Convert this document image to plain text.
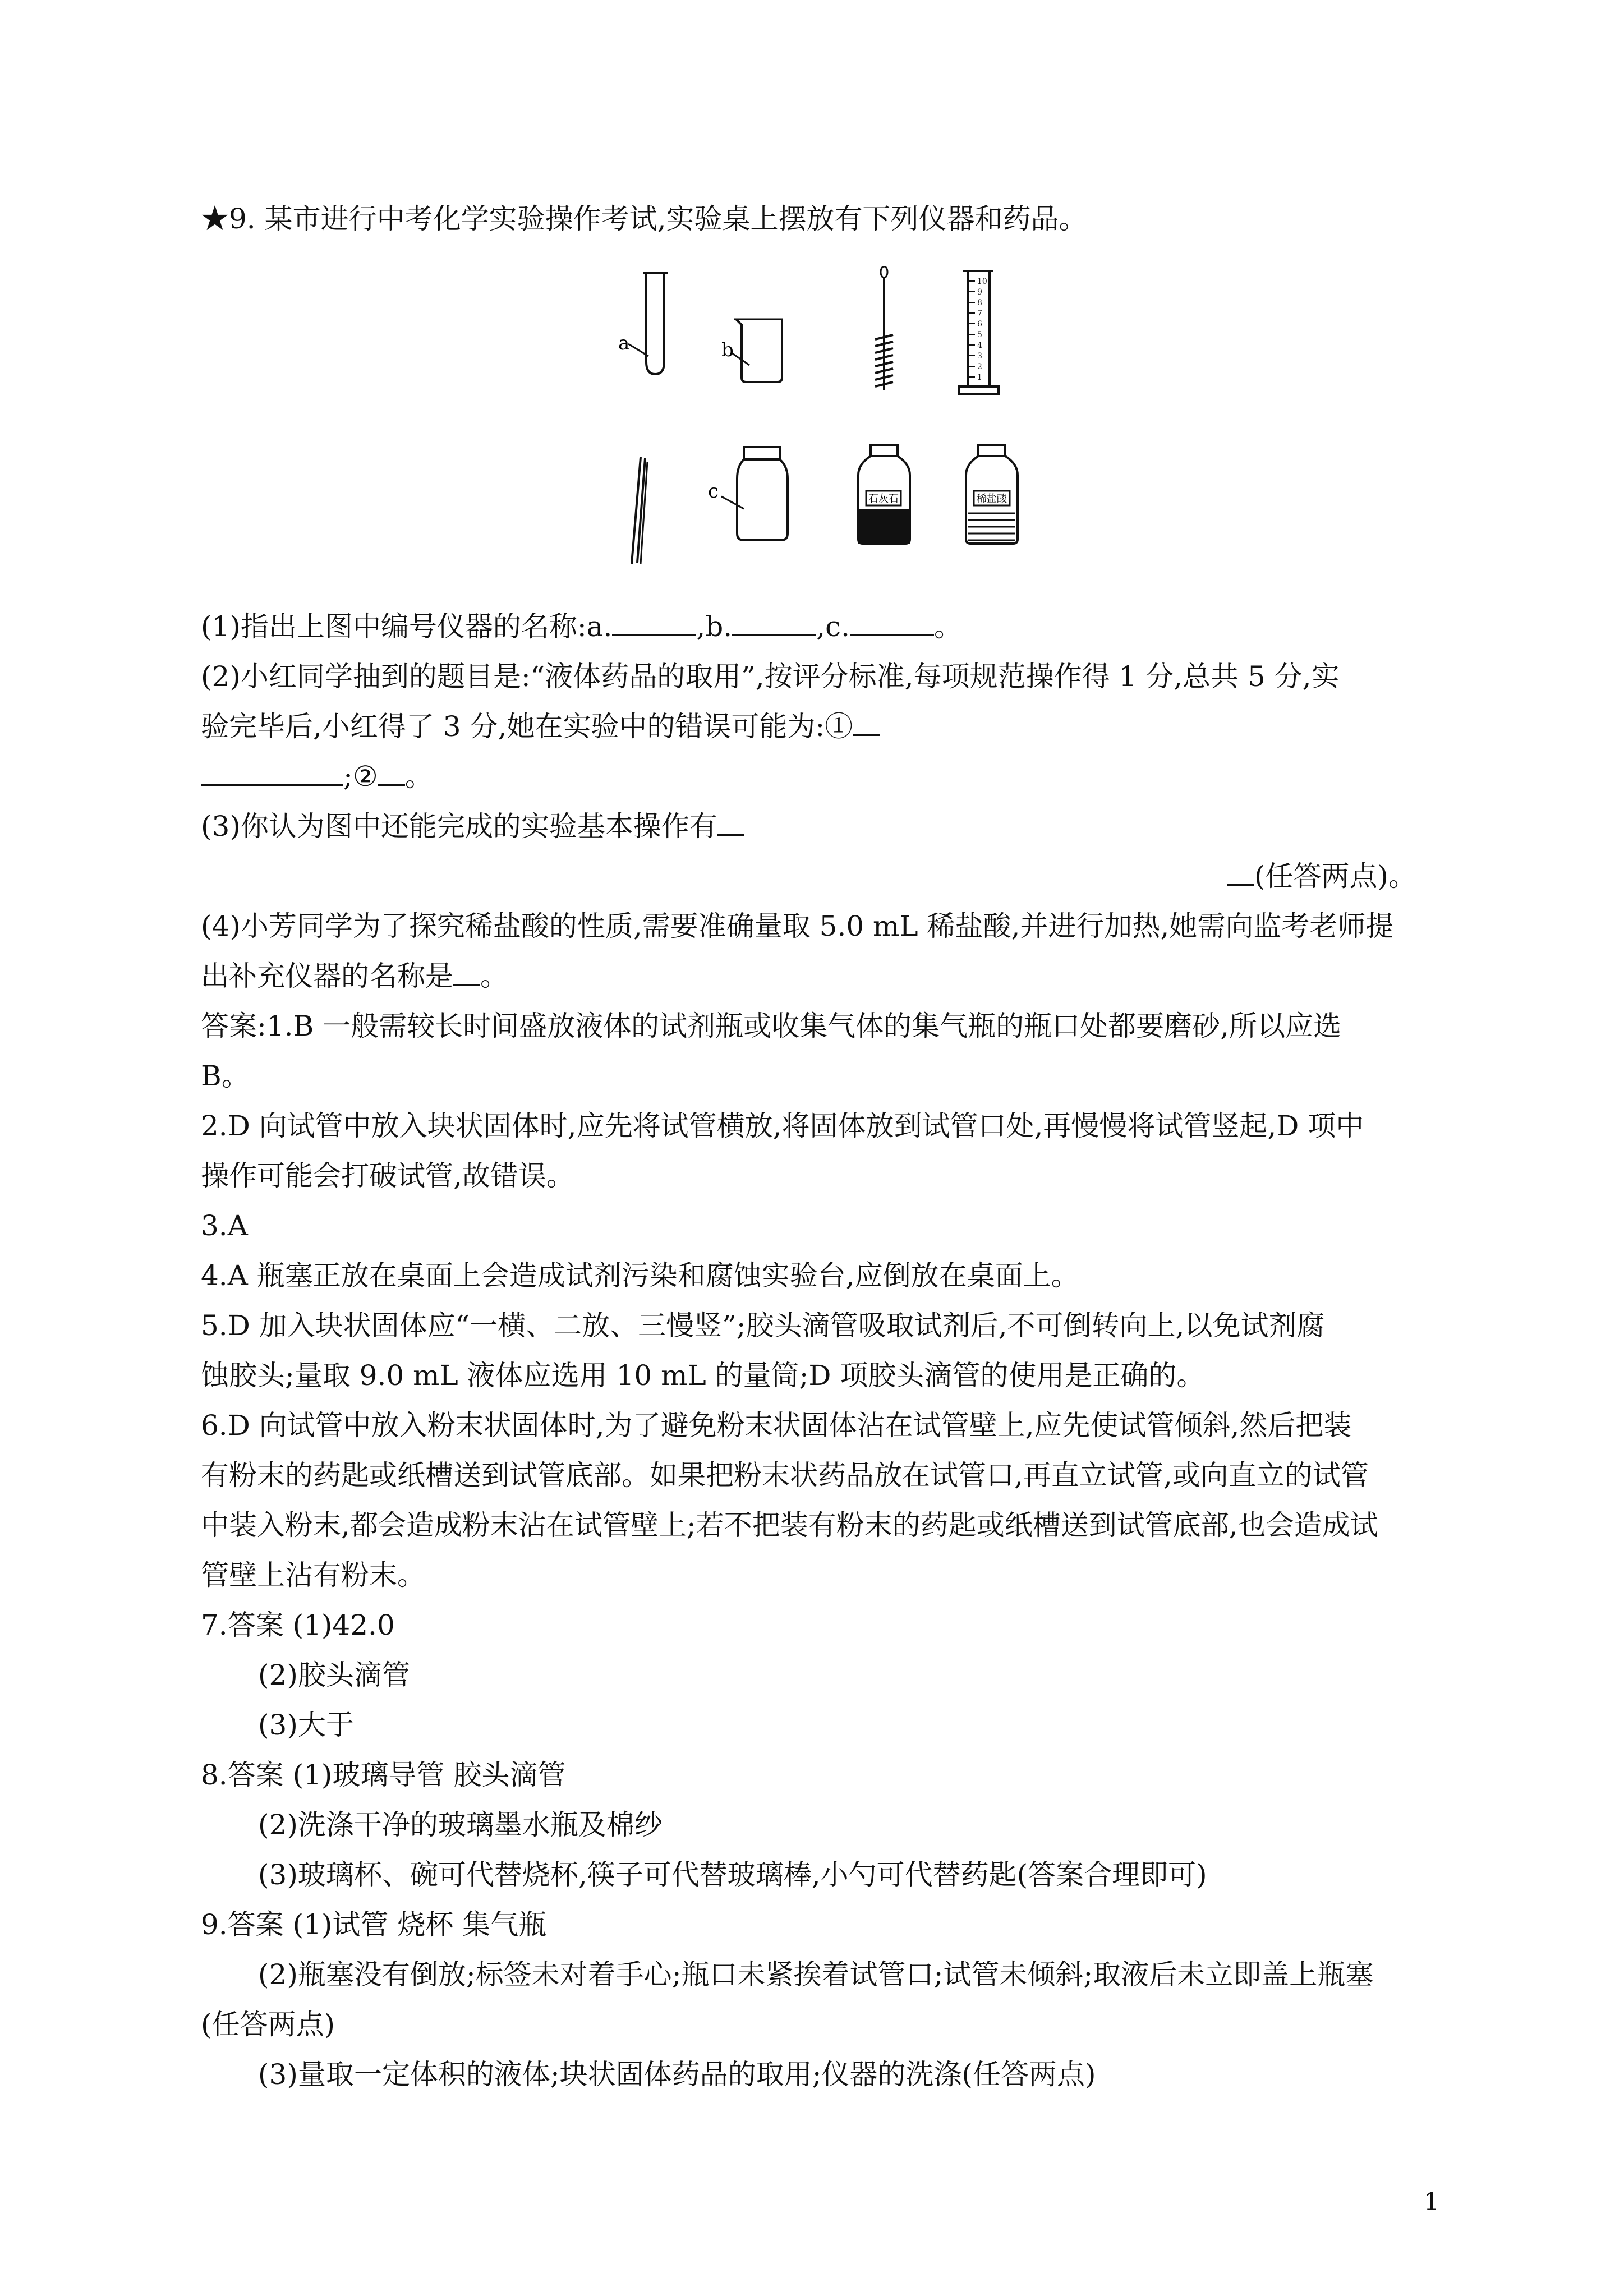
★9. 某市进行中考化学实验操作考试,实验桌上摆放有下列仪器和药品。
a	b
10
9
8
7
6
5
4
3
2
1
c	石灰石	稀盐酸
(1)指出上图中编号仪器的名称:a.	,b.	,c.	。
(2)小红同学抽到的题目是:“液体药品的取用”,按评分标准,每项规范操作得 1 分,总共 5 分,实
验完毕后,小红得了 3 分,她在实验中的错误可能为:①
;② 。
(3)你认为图中还能完成的实验基本操作有
(任答两点)。
(4)小芳同学为了探究稀盐酸的性质,需要准确量取 5.0 mL 稀盐酸,并进行加热,她需向监考老师提
出补充仪器的名称是 。
答案:1.B 一般需较长时间盛放液体的试剂瓶或收集气体的集气瓶的瓶口处都要磨砂,所以应选
B。
2.D 向试管中放入块状固体时,应先将试管横放,将固体放到试管口处,再慢慢将试管竖起,D 项中
操作可能会打破试管,故错误。
3.A
4.A 瓶塞正放在桌面上会造成试剂污染和腐蚀实验台,应倒放在桌面上。
5.D 加入块状固体应“一横、二放、三慢竖”;胶头滴管吸取试剂后,不可倒转向上,以免试剂腐
蚀胶头;量取 9.0 mL 液体应选用 10 mL 的量筒;D 项胶头滴管的使用是正确的。
6.D 向试管中放入粉末状固体时,为了避免粉末状固体沾在试管壁上,应先使试管倾斜,然后把装
有粉末的药匙或纸槽送到试管底部。如果把粉末状药品放在试管口,再直立试管,或向直立的试管
中装入粉末,都会造成粉末沾在试管壁上;若不把装有粉末的药匙或纸槽送到试管底部,也会造成试
管壁上沾有粉末。
7.答案 (1)42.0
(2)胶头滴管
(3)大于
8.答案 (1)玻璃导管 胶头滴管
(2)洗涤干净的玻璃墨水瓶及棉纱
(3)玻璃杯、碗可代替烧杯,筷子可代替玻璃棒,小勺可代替药匙(答案合理即可)
9.答案 (1)试管 烧杯 集气瓶
(2)瓶塞没有倒放;标签未对着手心;瓶口未紧挨着试管口;试管未倾斜;取液后未立即盖上瓶塞
(任答两点)
(3)量取一定体积的液体;块状固体药品的取用;仪器的洗涤(任答两点)
1
